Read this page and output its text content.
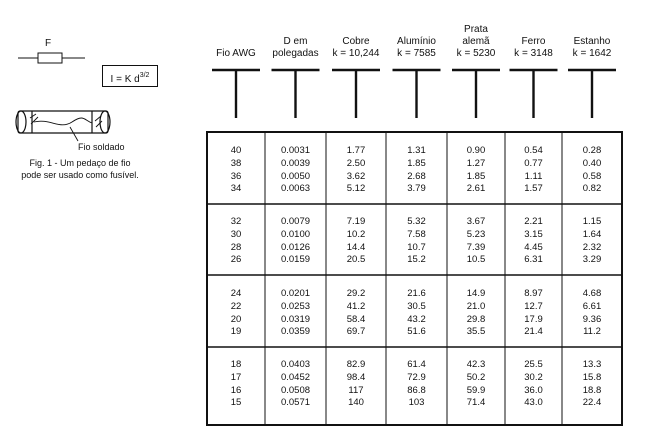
F
I = K $d^{3/2}$
Fio soldado
Fig. 1 - Um pedaço de fio
pode ser usado como fusível.
Fio AWG
D em
polegadas
Cobre
k = 10,244
Alumínio
k = 7585
Prata
alemã
k = 5230
Ferro
k = 3148
Estanho
k = 1642
40
38
36
34
0.0031
0.0039
0.0050
0.0063
1.77
2.50
3.62
5.12
1.31
1.85
2.68
3.79
0.90
1.27
1.85
2.61
0.54
0.77
1.11
1.57
0.28
0.40
0.58
0.82
32
30
28
26
0.0079
0.0100
0.0126
0.0159
7.19
10.2
14.4
20.5
5.32
7.58
10.7
15.2
3.67
5.23
7.39
10.5
2.21
3.15
4.45
6.31
1.15
1.64
2.32
3.29
24
22
20
19
0.0201
0.0253
0.0319
0.0359
29.2
41.2
58.4
69.7
21.6
30.5
43.2
51.6
14.9
21.0
29.8
35.5
8.97
12.7
17.9
21.4
4.68
6.61
9.36
11.2
18
17
16
15
0.0403
0.0452
0.0508
0.0571
82.9
98.4
117
140
61.4
72.9
86.8
103
42.3
50.2
59.9
71.4
25.5
30.2
36.0
43.0
13.3
15.8
18.8
22.4
